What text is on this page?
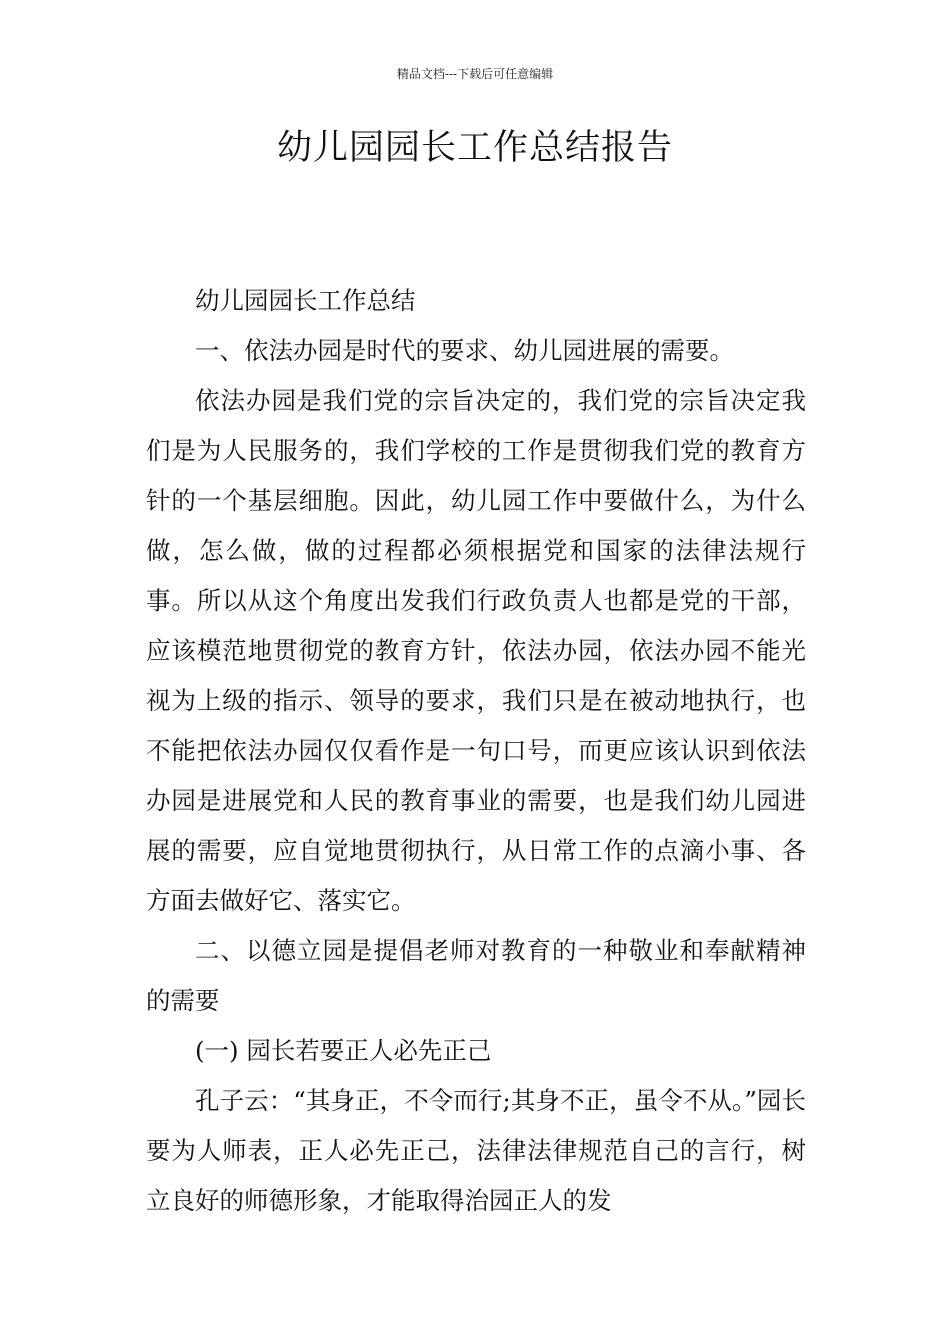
精品文档---下载后可任意编辑
幼儿园园长工作总结报告

幼儿园园长工作总结

一、依法办园是时代的要求、幼儿园进展的需要。

依法办园是我们党的宗旨决定的，我们党的宗旨决定我们是为人民服务的，我们学校的工作是贯彻我们党的教育方针的一个基层细胞。因此，幼儿园工作中要做什么，为什么做，怎么做，做的过程都必须根据党和国家的法律法规行事。所以从这个角度出发我们行政负责人也都是党的干部，应该模范地贯彻党的教育方针，依法办园，依法办园不能光视为上级的指示、领导的要求，我们只是在被动地执行，也不能把依法办园仅仅看作是一句口号，而更应该认识到依法办园是进展党和人民的教育事业的需要，也是我们幼儿园进展的需要，应自觉地贯彻执行，从日常工作的点滴小事、各方面去做好它、落实它。

二、以德立园是提倡老师对教育的一种敬业和奉献精神的需要

(一) 园长若要正人必先正己

孔子云：“其身正，不令而行;其身不正，虽令不从。”园长要为人师表，正人必先正己，法律法律规范自己的言行，树立良好的师德形象，才能取得治园正人的发
